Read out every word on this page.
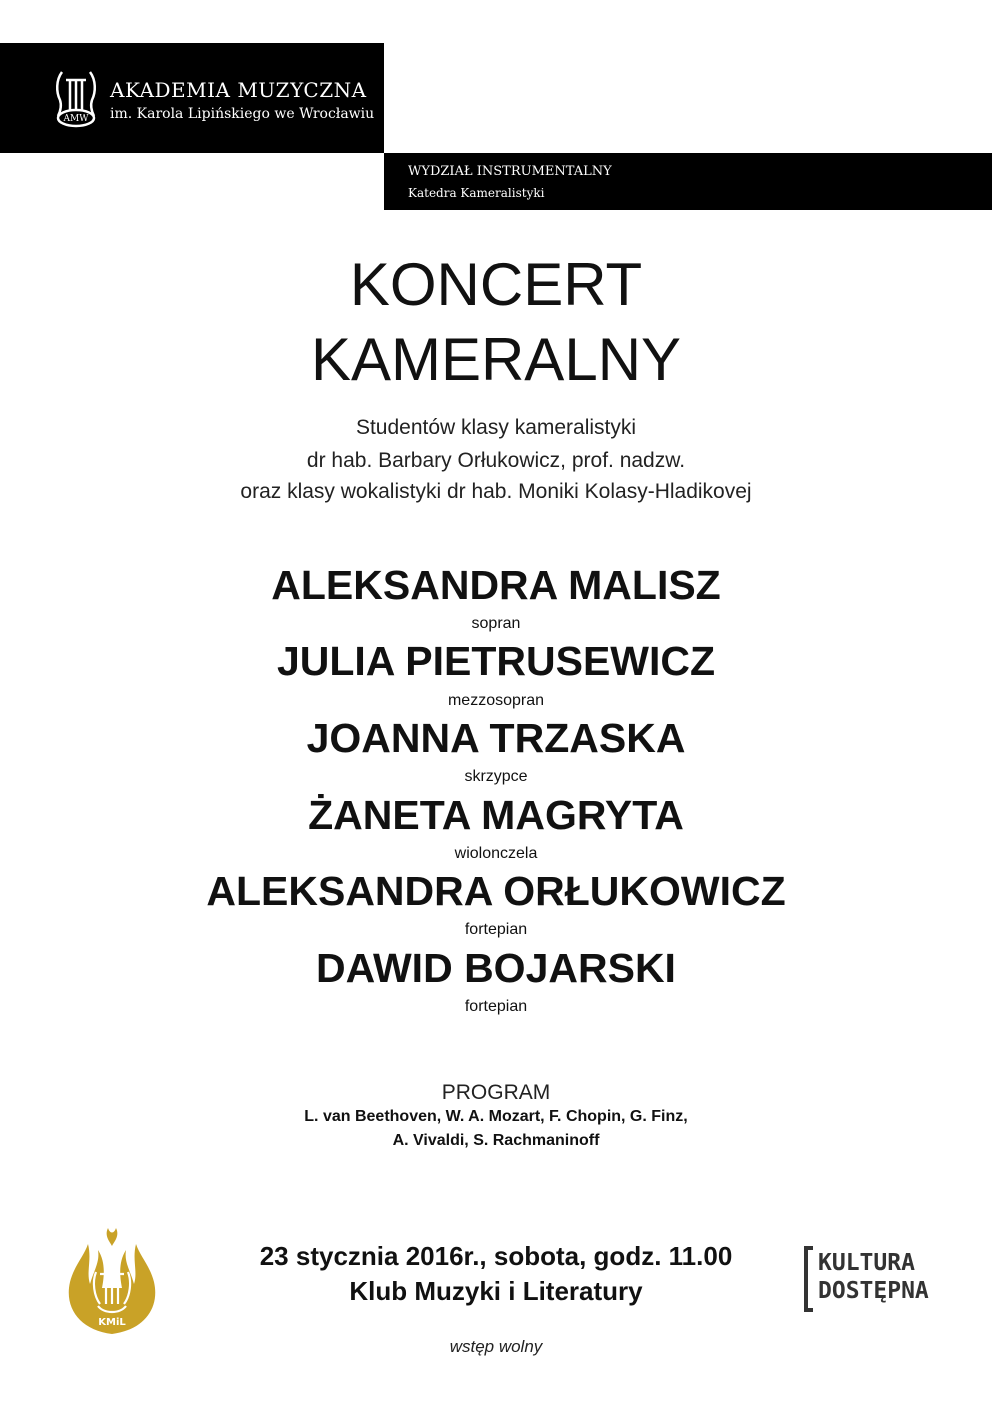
AMW
AKADEMIA MUZYCZNA
im. Karola Lipińskiego we Wrocławiu
WYDZIAŁ INSTRUMENTALNY
Katedra Kameralistyki
KONCERT
KAMERALNY
Studentów klasy kameralistyki
dr hab. Barbary Orłukowicz, prof. nadzw.
oraz klasy wokalistyki dr hab. Moniki Kolasy-Hladikovej
ALEKSANDRA MALISZ
sopran
JULIA PIETRUSEWICZ
mezzosopran
JOANNA TRZASKA
skrzypce
ŻANETA MAGRYTA
wiolonczela
ALEKSANDRA ORŁUKOWICZ
fortepian
DAWID BOJARSKI
fortepian
PROGRAM
L. van Beethoven, W. A. Mozart, F. Chopin, G. Finz,
A. Vivaldi, S. Rachmaninoff
23 stycznia 2016r., sobota, godz. 11.00
Klub Muzyki i Literatury
wstęp wolny
KMiL
KULTURA
DOSTĘPNA
